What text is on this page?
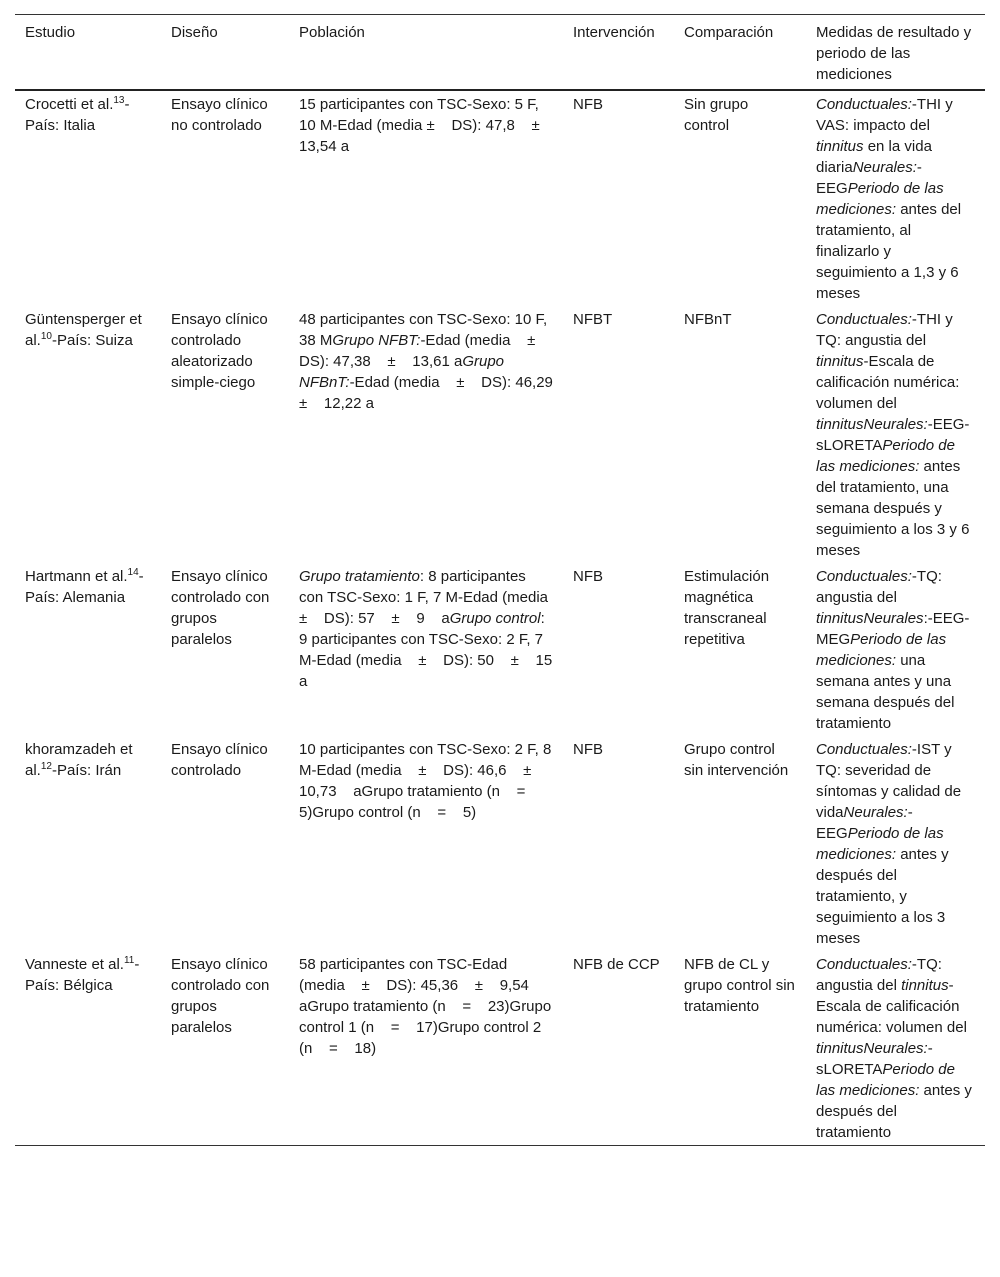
Estudio	Diseño	Población	Intervención	Comparación	Medidas de resultado y periodo de las mediciones
Crocetti et al.$^{13}$-País: Italia	Ensayo clínico no controlado	15 participantes con TSC-Sexo: 5 F, 10 M-Edad (media ±    DS): 47,8    ±    13,54 a	NFB	Sin grupo control	Conductuales:-THI y VAS: impacto del tinnitus en la vida diariaNeurales:-EEGPeriodo de las mediciones: antes del tratamiento, al finalizarlo y seguimiento a 1,3 y 6 meses
Güntensperger et al.$^{10}$-País: Suiza	Ensayo clínico controlado aleatorizado simple-ciego	48 participantes con TSC-Sexo: 10 F, 38 MGrupo NFBT:-Edad (media    ±    DS): 47,38    ±    13,61 aGrupo NFBnT:-Edad (media    ±    DS): 46,29    ±    12,22 a	NFBT	NFBnT	Conductuales:-THI y TQ: angustia del tinnitus-Escala de calificación numérica: volumen del tinnitusNeurales:-EEG-sLORETAPeriodo de las mediciones: antes del tratamiento, una semana después y seguimiento a los 3 y 6 meses
Hartmann et al.$^{14}$-País: Alemania	Ensayo clínico controlado con grupos paralelos	Grupo tratamiento: 8 participantes con TSC-Sexo: 1 F, 7 M-Edad (media    ±    DS): 57    ±    9    aGrupo control: 9 participantes con TSC-Sexo: 2 F, 7 M-Edad (media    ±    DS): 50    ±    15    a	NFB	Estimulación magnética transcraneal repetitiva	Conductuales:-TQ: angustia del tinnitusNeurales:-EEG-MEGPeriodo de las mediciones: una semana antes y una semana después del tratamiento
khoramzadeh et al.$^{12}$-País: Irán	Ensayo clínico controlado	10 participantes con TSC-Sexo: 2 F, 8 M-Edad (media    ±    DS): 46,6    ±    10,73    aGrupo tratamiento (n    =    5)Grupo control (n    =    5)	NFB	Grupo control sin intervención	Conductuales:-IST y TQ: severidad de síntomas y calidad de vidaNeurales:-EEGPeriodo de las mediciones: antes y después del tratamiento, y seguimiento a los 3 meses
Vanneste et al.$^{11}$-País: Bélgica	Ensayo clínico controlado con grupos paralelos	58 participantes con TSC-Edad (media    ±    DS): 45,36    ±    9,54    aGrupo tratamiento (n    =    23)Grupo control 1 (n    =    17)Grupo control 2 (n    =    18)	NFB de CCP	NFB de CL y grupo control sin tratamiento	Conductuales:-TQ: angustia del tinnitus-Escala de calificación numérica: volumen del tinnitusNeurales:-sLORETAPeriodo de las mediciones: antes y después del tratamiento
